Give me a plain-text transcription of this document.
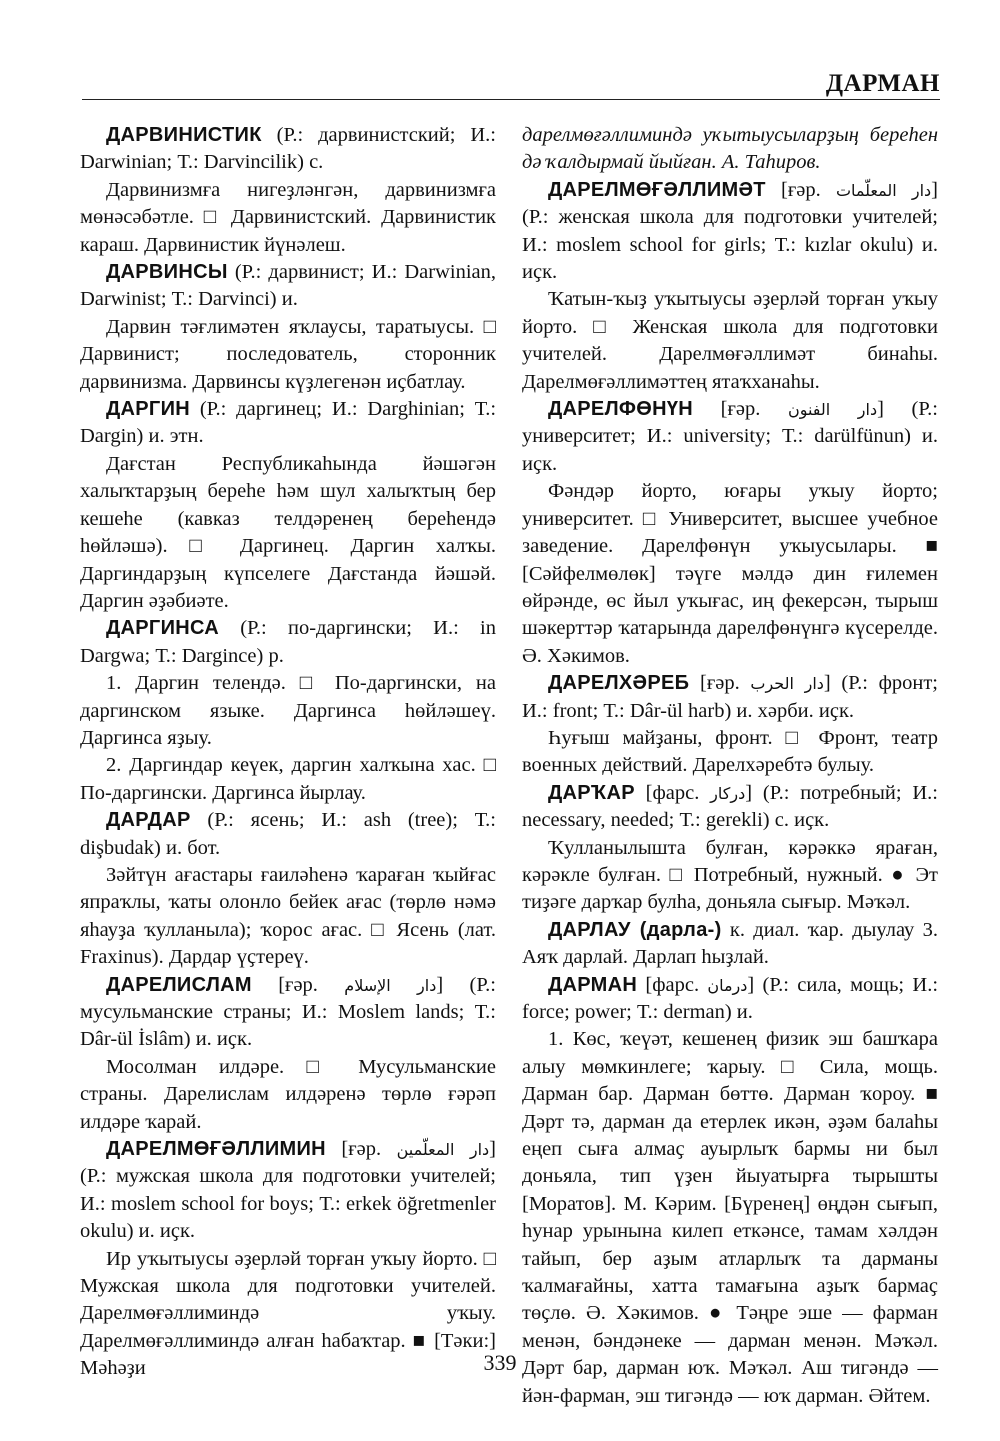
ДАРМАН

ДАРВИНИСТИК (Р.: дарвинистский; И.: Darwinian; Т.: Darvincilik) с.

Дарвинизмға нигеҙләнгән, дарвинизмға мөнәсәбәтле. □ Дарвинистский. Дарвинистик караш. Дарвинистик йүнәлеш.

ДАРВИНСЫ (Р.: дарвинист; И.: Darwinian, Darwinist; Т.: Darvinci) и.

Дарвин тәғлимәтен яҡлаусы, таратыусы. □ Дарвинист; последователь, сторонник дарвинизма. Дарвинсы күҙлегенән иҫбатлау.

ДАРГИН (Р.: даргинец; И.: Darghinian; Т.: Dargin) и. этн.

Дағстан Республикаһында йәшәгән халыҡтарҙың береһе һәм шул халыҡтың бер кешеһе (кавказ телдәренең береһендә һөйләшә). □ Даргинец. Даргин халҡы. Даргиндарҙың күпселеге Дағстанда йәшәй. Даргин әҙәбиәте.

ДАРГИНСА (Р.: по-даргински; И.: in Dargwa; Т.: Dargince) р.

1. Даргин телендә. □ По-даргински, на даргинском языке. Даргинса һөйләшеү. Даргинса яҙыу.

2. Даргиндар кеүек, даргин халҡына хас. □ По-даргински. Даргинса йырлау.

ДАРДАР (Р.: ясень; И.: ash (tree); Т.: dişbudak) и. бот.

Зәйтүн ағастары ғаиләһенә ҡараған ҡыйғас япраҡлы, ҡаты олонло бейек ағас (төрлө нәмә яһауҙа ҡулланыла); ҡорос ағас. □ Ясень (лат. Fraxinus). Дардар үҫтереү.

ДАРЕЛИСЛАМ [ғәр. دار الإسلام] (Р.: мусульманские страны; И.: Moslem lands; Т.: Dâr-ül İslâm) и. иҫк.

Мосолман илдәре. □ Мусульманские страны. Дарелислам илдәренә төрлө ғәрәп илдәре ҡарай.

ДАРЕЛМӨҒӘЛЛИМИН [ғәр. دار المعلّمين] (Р.: мужская школа для подготовки учителей; И.: moslem school for boys; Т.: erkek öğretmenler okulu) и. иҫк.

Ир уҡытыусы әҙерләй торған уҡыу йорто. □ Мужская школа для подготовки учителей. Дарелмөғәллиминдә уҡыу. Дарелмөғәллиминдә алған һабаҡтар. ■ [Тәки:] Мәһәҙи

дарелмөғәллиминдә уҡытыусыларҙың береһен дә ҡалдырмай йыйған. А. Таһиров.

ДАРЕЛМӨҒӘЛЛИМӘТ [ғәр. دار المعلّمات] (Р.: женская школа для подготовки учителей; И.: moslem school for girls; Т.: kızlar okulu) и. иҫк.

Ҡатын-ҡыҙ уҡытыусы әҙерләй торған уҡыу йорто. □ Женская школа для подготовки учителей. Дарелмөғәллимәт бинаһы. Дарелмөғәллимәттең ятаҡханаһы.

ДАРЕЛФӨНҮН [ғәр. دار الفنون] (Р.: университет; И.: university; Т.: darülfünun) и. иҫк.

Фәндәр йорто, юғары уҡыу йорто; университет. □ Университет, высшее учебное заведение. Дарелфөнүн уҡыусылары. ■ [Сәйфелмөлөк] тәүге мәлдә дин ғилемен өйрәнде, өс йыл уҡығас, иң фекерсән, тырыш шәкерттәр ҡатарында дарелфөнүнгә күсерелде. Ә. Хәкимов.

ДАРЕЛХӘРЕБ [ғәр. دار الحرب] (Р.: фронт; И.: front; Т.: Dâr-ül harb) и. хәрби. иҫк.

Һуғыш майҙаны, фронт. □ Фронт, театр военных действий. Дарелхәребтә булыу.

ДАРҠАР [фарс. درکار] (Р.: потребный; И.: necessary, needed; Т.: gerekli) с. иҫк.

Ҡулланылышта булған, кәрәккә яраған, кәрәкле булған. □ Потребный, нужный. ● Эт тиҙәге дарҡар булһа, доньяла сығыр. Мәҡәл.

ДАРЛАУ (дарла-) к. диал. ҡар. дыулау 3. Аяҡ дарлай. Дарлап һыҙлай.

ДАРМАН [фарс. درمان] (Р.: сила, мощь; И.: force; power; Т.: derman) и.

1. Көс, ҡеүәт, кешенең физик эш башҡара алыу мөмкинлеге; ҡарыу. □ Сила, мощь. Дарман бар. Дарман бөттө. Дарман ҡороу. ■ Дәрт тә, дарман да етерлек икән, әҙәм балаһы еңеп сыға алмаҫ ауырлыҡ бармы ни был доньяла, тип үҙен йыуатырға тырышты [Моратов]. М. Кәрим. [Бүренең] өңдән сығып, һунар урынына килеп еткәнсе, тамам хәлдән тайып, бер аҙым атларлыҡ та дарманы ҡалмағайны, хатта тамағына аҙыҡ бармаҫ төҫлө. Ә. Хәкимов. ● Тәңре эше — фарман менән, бәндәнеке — дарман менән. Мәҡәл. Дәрт бар, дарман юҡ. Мәҡәл. Аш тигәндә — йән-фарман, эш тигәндә — юҡ дарман. Әйтем.

339
